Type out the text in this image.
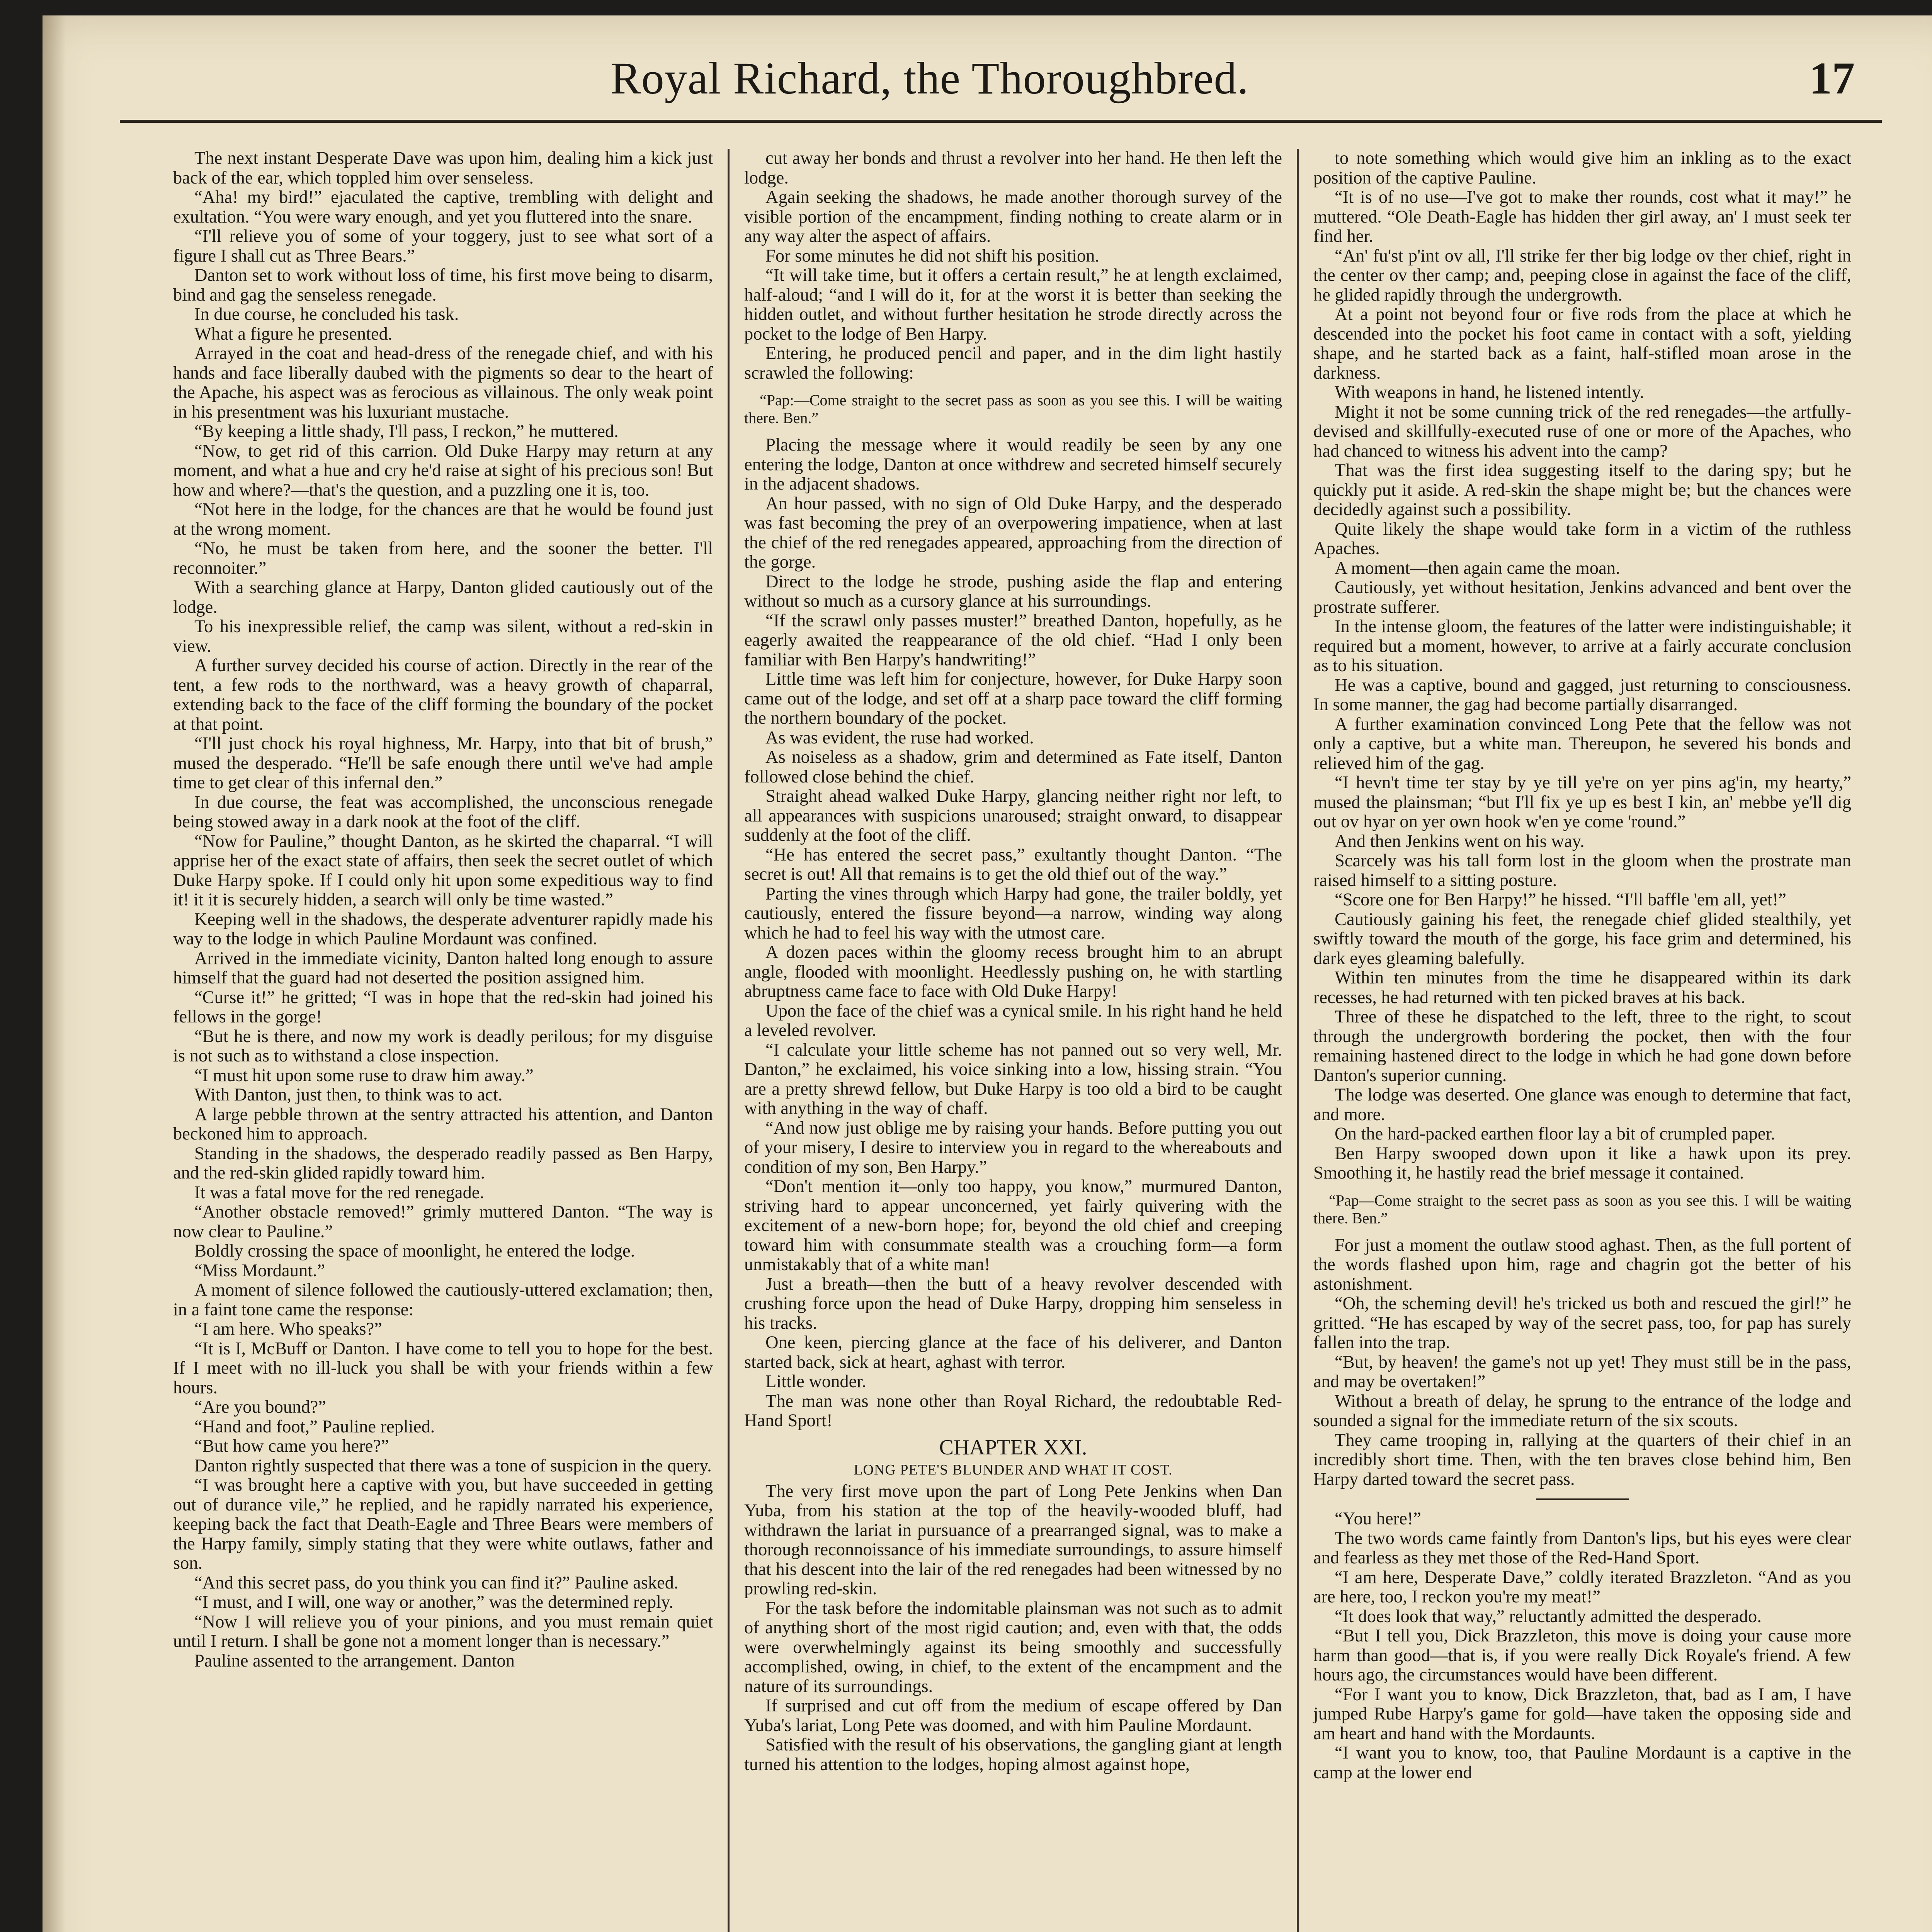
Royal Richard, the Thoroughbred.	17

The next instant Desperate Dave was upon him, dealing him a kick just back of the ear, which toppled him over senseless.

“Aha! my bird!” ejaculated the captive, trembling with delight and exultation. “You were wary enough, and yet you fluttered into the snare.

“I'll relieve you of some of your toggery, just to see what sort of a figure I shall cut as Three Bears.”

Danton set to work without loss of time, his first move being to disarm, bind and gag the senseless renegade.

In due course, he concluded his task.

What a figure he presented.

Arrayed in the coat and head-dress of the renegade chief, and with his hands and face liberally daubed with the pigments so dear to the heart of the Apache, his aspect was as ferocious as villainous. The only weak point in his presentment was his luxuriant mustache.

“By keeping a little shady, I'll pass, I reckon,” he muttered.

“Now, to get rid of this carrion. Old Duke Harpy may return at any moment, and what a hue and cry he'd raise at sight of his precious son! But how and where?—that's the question, and a puzzling one it is, too.

“Not here in the lodge, for the chances are that he would be found just at the wrong moment.

“No, he must be taken from here, and the sooner the better. I'll reconnoiter.”

With a searching glance at Harpy, Danton glided cautiously out of the lodge.

To his inexpressible relief, the camp was silent, without a red-skin in view.

A further survey decided his course of action. Directly in the rear of the tent, a few rods to the northward, was a heavy growth of chaparral, extending back to the face of the cliff forming the boundary of the pocket at that point.

“I'll just chock his royal highness, Mr. Harpy, into that bit of brush,” mused the desperado. “He'll be safe enough there until we've had ample time to get clear of this infernal den.”

In due course, the feat was accomplished, the unconscious renegade being stowed away in a dark nook at the foot of the cliff.

“Now for Pauline,” thought Danton, as he skirted the chaparral. “I will apprise her of the exact state of affairs, then seek the secret outlet of which Duke Harpy spoke. If I could only hit upon some expeditious way to find it! it it is securely hidden, a search will only be time wasted.”

Keeping well in the shadows, the desperate adventurer rapidly made his way to the lodge in which Pauline Mordaunt was confined.

Arrived in the immediate vicinity, Danton halted long enough to assure himself that the guard had not deserted the position assigned him.

“Curse it!” he gritted; “I was in hope that the red-skin had joined his fellows in the gorge!

“But he is there, and now my work is deadly perilous; for my disguise is not such as to withstand a close inspection.

“I must hit upon some ruse to draw him away.”

With Danton, just then, to think was to act.

A large pebble thrown at the sentry attracted his attention, and Danton beckoned him to approach.

Standing in the shadows, the desperado readily passed as Ben Harpy, and the red-skin glided rapidly toward him.

It was a fatal move for the red renegade.

“Another obstacle removed!” grimly muttered Danton. “The way is now clear to Pauline.”

Boldly crossing the space of moonlight, he entered the lodge.

“Miss Mordaunt.”

A moment of silence followed the cautiously-uttered exclamation; then, in a faint tone came the response:

“I am here. Who speaks?”

“It is I, McBuff or Danton. I have come to tell you to hope for the best. If I meet with no ill-luck you shall be with your friends within a few hours.

“Are you bound?”

“Hand and foot,” Pauline replied.

“But how came you here?”

Danton rightly suspected that there was a tone of suspicion in the query.

“I was brought here a captive with you, but have succeeded in getting out of durance vile,” he replied, and he rapidly narrated his experience, keeping back the fact that Death-Eagle and Three Bears were members of the Harpy family, simply stating that they were white outlaws, father and son.

“And this secret pass, do you think you can find it?” Pauline asked.

“I must, and I will, one way or another,” was the determined reply.

“Now I will relieve you of your pinions, and you must remain quiet until I return. I shall be gone not a moment longer than is necessary.”

Pauline assented to the arrangement. Danton

cut away her bonds and thrust a revolver into her hand. He then left the lodge.

Again seeking the shadows, he made another thorough survey of the visible portion of the encampment, finding nothing to create alarm or in any way alter the aspect of affairs.

For some minutes he did not shift his position.

“It will take time, but it offers a certain result,” he at length exclaimed, half-aloud; “and I will do it, for at the worst it is better than seeking the hidden outlet, and without further hesitation he strode directly across the pocket to the lodge of Ben Harpy.

Entering, he produced pencil and paper, and in the dim light hastily scrawled the following:

“Pap:—Come straight to the secret pass as soon as you see this. I will be waiting there. Ben.”

Placing the message where it would readily be seen by any one entering the lodge, Danton at once withdrew and secreted himself securely in the adjacent shadows.

An hour passed, with no sign of Old Duke Harpy, and the desperado was fast becoming the prey of an overpowering impatience, when at last the chief of the red renegades appeared, approaching from the direction of the gorge.

Direct to the lodge he strode, pushing aside the flap and entering without so much as a cursory glance at his surroundings.

“If the scrawl only passes muster!” breathed Danton, hopefully, as he eagerly awaited the reappearance of the old chief. “Had I only been familiar with Ben Harpy's handwriting!”

Little time was left him for conjecture, however, for Duke Harpy soon came out of the lodge, and set off at a sharp pace toward the cliff forming the northern boundary of the pocket.

As was evident, the ruse had worked.

As noiseless as a shadow, grim and determined as Fate itself, Danton followed close behind the chief.

Straight ahead walked Duke Harpy, glancing neither right nor left, to all appearances with suspicions unaroused; straight onward, to disappear suddenly at the foot of the cliff.

“He has entered the secret pass,” exultantly thought Danton. “The secret is out! All that remains is to get the old thief out of the way.”

Parting the vines through which Harpy had gone, the trailer boldly, yet cautiously, entered the fissure beyond—a narrow, winding way along which he had to feel his way with the utmost care.

A dozen paces within the gloomy recess brought him to an abrupt angle, flooded with moonlight. Heedlessly pushing on, he with startling abruptness came face to face with Old Duke Harpy!

Upon the face of the chief was a cynical smile. In his right hand he held a leveled revolver.

“I calculate your little scheme has not panned out so very well, Mr. Danton,” he exclaimed, his voice sinking into a low, hissing strain. “You are a pretty shrewd fellow, but Duke Harpy is too old a bird to be caught with anything in the way of chaff.

“And now just oblige me by raising your hands. Before putting you out of your misery, I desire to interview you in regard to the whereabouts and condition of my son, Ben Harpy.”

“Don't mention it—only too happy, you know,” murmured Danton, striving hard to appear unconcerned, yet fairly quivering with the excitement of a new-born hope; for, beyond the old chief and creeping toward him with consummate stealth was a crouching form—a form unmistakably that of a white man!

Just a breath—then the butt of a heavy revolver descended with crushing force upon the head of Duke Harpy, dropping him senseless in his tracks.

One keen, piercing glance at the face of his deliverer, and Danton started back, sick at heart, aghast with terror.

Little wonder.

The man was none other than Royal Richard, the redoubtable Red-Hand Sport!

CHAPTER XXI.
LONG PETE'S BLUNDER AND WHAT IT COST.

The very first move upon the part of Long Pete Jenkins when Dan Yuba, from his station at the top of the heavily-wooded bluff, had withdrawn the lariat in pursuance of a prearranged signal, was to make a thorough reconnoissance of his immediate surroundings, to assure himself that his descent into the lair of the red renegades had been witnessed by no prowling red-skin.

For the task before the indomitable plainsman was not such as to admit of anything short of the most rigid caution; and, even with that, the odds were overwhelmingly against its being smoothly and successfully accomplished, owing, in chief, to the extent of the encampment and the nature of its surroundings.

If surprised and cut off from the medium of escape offered by Dan Yuba's lariat, Long Pete was doomed, and with him Pauline Mordaunt.

Satisfied with the result of his observations, the gangling giant at length turned his attention to the lodges, hoping almost against hope,

to note something which would give him an inkling as to the exact position of the captive Pauline.

“It is of no use—I've got to make ther rounds, cost what it may!” he muttered. “Ole Death-Eagle has hidden ther girl away, an' I must seek ter find her.

“An' fu'st p'int ov all, I'll strike fer ther big lodge ov ther chief, right in the center ov ther camp; and, peeping close in against the face of the cliff, he glided rapidly through the undergrowth.

At a point not beyond four or five rods from the place at which he descended into the pocket his foot came in contact with a soft, yielding shape, and he started back as a faint, half-stifled moan arose in the darkness.

With weapons in hand, he listened intently.

Might it not be some cunning trick of the red renegades—the artfully-devised and skillfully-executed ruse of one or more of the Apaches, who had chanced to witness his advent into the camp?

That was the first idea suggesting itself to the daring spy; but he quickly put it aside. A red-skin the shape might be; but the chances were decidedly against such a possibility.

Quite likely the shape would take form in a victim of the ruthless Apaches.

A moment—then again came the moan.

Cautiously, yet without hesitation, Jenkins advanced and bent over the prostrate sufferer.

In the intense gloom, the features of the latter were indistinguishable; it required but a moment, however, to arrive at a fairly accurate conclusion as to his situation.

He was a captive, bound and gagged, just returning to consciousness. In some manner, the gag had become partially disarranged.

A further examination convinced Long Pete that the fellow was not only a captive, but a white man. Thereupon, he severed his bonds and relieved him of the gag.

“I hevn't time ter stay by ye till ye're on yer pins ag'in, my hearty,” mused the plainsman; “but I'll fix ye up es best I kin, an' mebbe ye'll dig out ov hyar on yer own hook w'en ye come 'round.”

And then Jenkins went on his way.

Scarcely was his tall form lost in the gloom when the prostrate man raised himself to a sitting posture.

“Score one for Ben Harpy!” he hissed. “I'll baffle 'em all, yet!”

Cautiously gaining his feet, the renegade chief glided stealthily, yet swiftly toward the mouth of the gorge, his face grim and determined, his dark eyes gleaming balefully.

Within ten minutes from the time he disappeared within its dark recesses, he had returned with ten picked braves at his back.

Three of these he dispatched to the left, three to the right, to scout through the undergrowth bordering the pocket, then with the four remaining hastened direct to the lodge in which he had gone down before Danton's superior cunning.

The lodge was deserted. One glance was enough to determine that fact, and more.

On the hard-packed earthen floor lay a bit of crumpled paper.

Ben Harpy swooped down upon it like a hawk upon its prey. Smoothing it, he hastily read the brief message it contained.

“Pap—Come straight to the secret pass as soon as you see this. I will be waiting there. Ben.”

For just a moment the outlaw stood aghast. Then, as the full portent of the words flashed upon him, rage and chagrin got the better of his astonishment.

“Oh, the scheming devil! he's tricked us both and rescued the girl!” he gritted. “He has escaped by way of the secret pass, too, for pap has surely fallen into the trap.

“But, by heaven! the game's not up yet! They must still be in the pass, and may be overtaken!”

Without a breath of delay, he sprung to the entrance of the lodge and sounded a signal for the immediate return of the six scouts.

They came trooping in, rallying at the quarters of their chief in an incredibly short time. Then, with the ten braves close behind him, Ben Harpy darted toward the secret pass.

“You here!”

The two words came faintly from Danton's lips, but his eyes were clear and fearless as they met those of the Red-Hand Sport.

“I am here, Desperate Dave,” coldly iterated Brazzleton. “And as you are here, too, I reckon you're my meat!”

“It does look that way,” reluctantly admitted the desperado.

“But I tell you, Dick Brazzleton, this move is doing your cause more harm than good—that is, if you were really Dick Royale's friend. A few hours ago, the circumstances would have been different.

“For I want you to know, Dick Brazzleton, that, bad as I am, I have jumped Rube Harpy's game for gold—have taken the opposing side and am heart and hand with the Mordaunts.

“I want you to know, too, that Pauline Mordaunt is a captive in the camp at the lower end
